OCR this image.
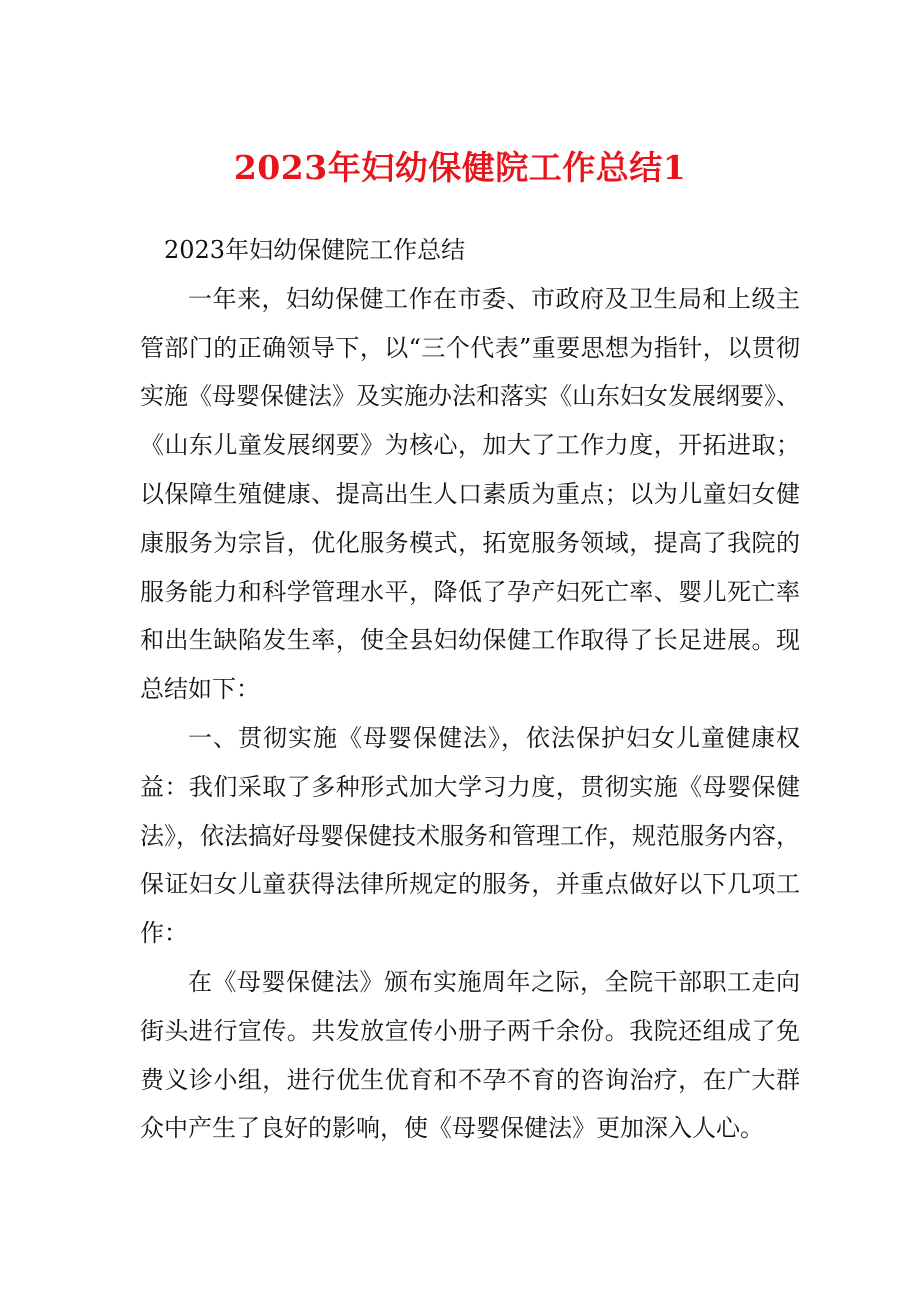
2023年妇幼保健院工作总结1

2023年妇幼保健院工作总结

一年来，妇幼保健工作在市委、市政府及卫生局和上级主管部门的正确领导下，以“三个代表”重要思想为指针，以贯彻实施《母婴保健法》及实施办法和落实《山东妇女发展纲要》、《山东儿童发展纲要》为核心，加大了工作力度，开拓进取；以保障生殖健康、提高出生人口素质为重点；以为儿童妇女健康服务为宗旨，优化服务模式，拓宽服务领域，提高了我院的服务能力和科学管理水平，降低了孕产妇死亡率、婴儿死亡率和出生缺陷发生率，使全县妇幼保健工作取得了长足进展。现总结如下：

一、贯彻实施《母婴保健法》，依法保护妇女儿童健康权益：我们采取了多种形式加大学习力度，贯彻实施《母婴保健法》，依法搞好母婴保健技术服务和管理工作，规范服务内容，保证妇女儿童获得法律所规定的服务，并重点做好以下几项工作：

在《母婴保健法》颁布实施周年之际，全院干部职工走向街头进行宣传。共发放宣传小册子两千余份。我院还组成了免费义诊小组，进行优生优育和不孕不育的咨询治疗，在广大群众中产生了良好的影响，使《母婴保健法》更加深入人心。
